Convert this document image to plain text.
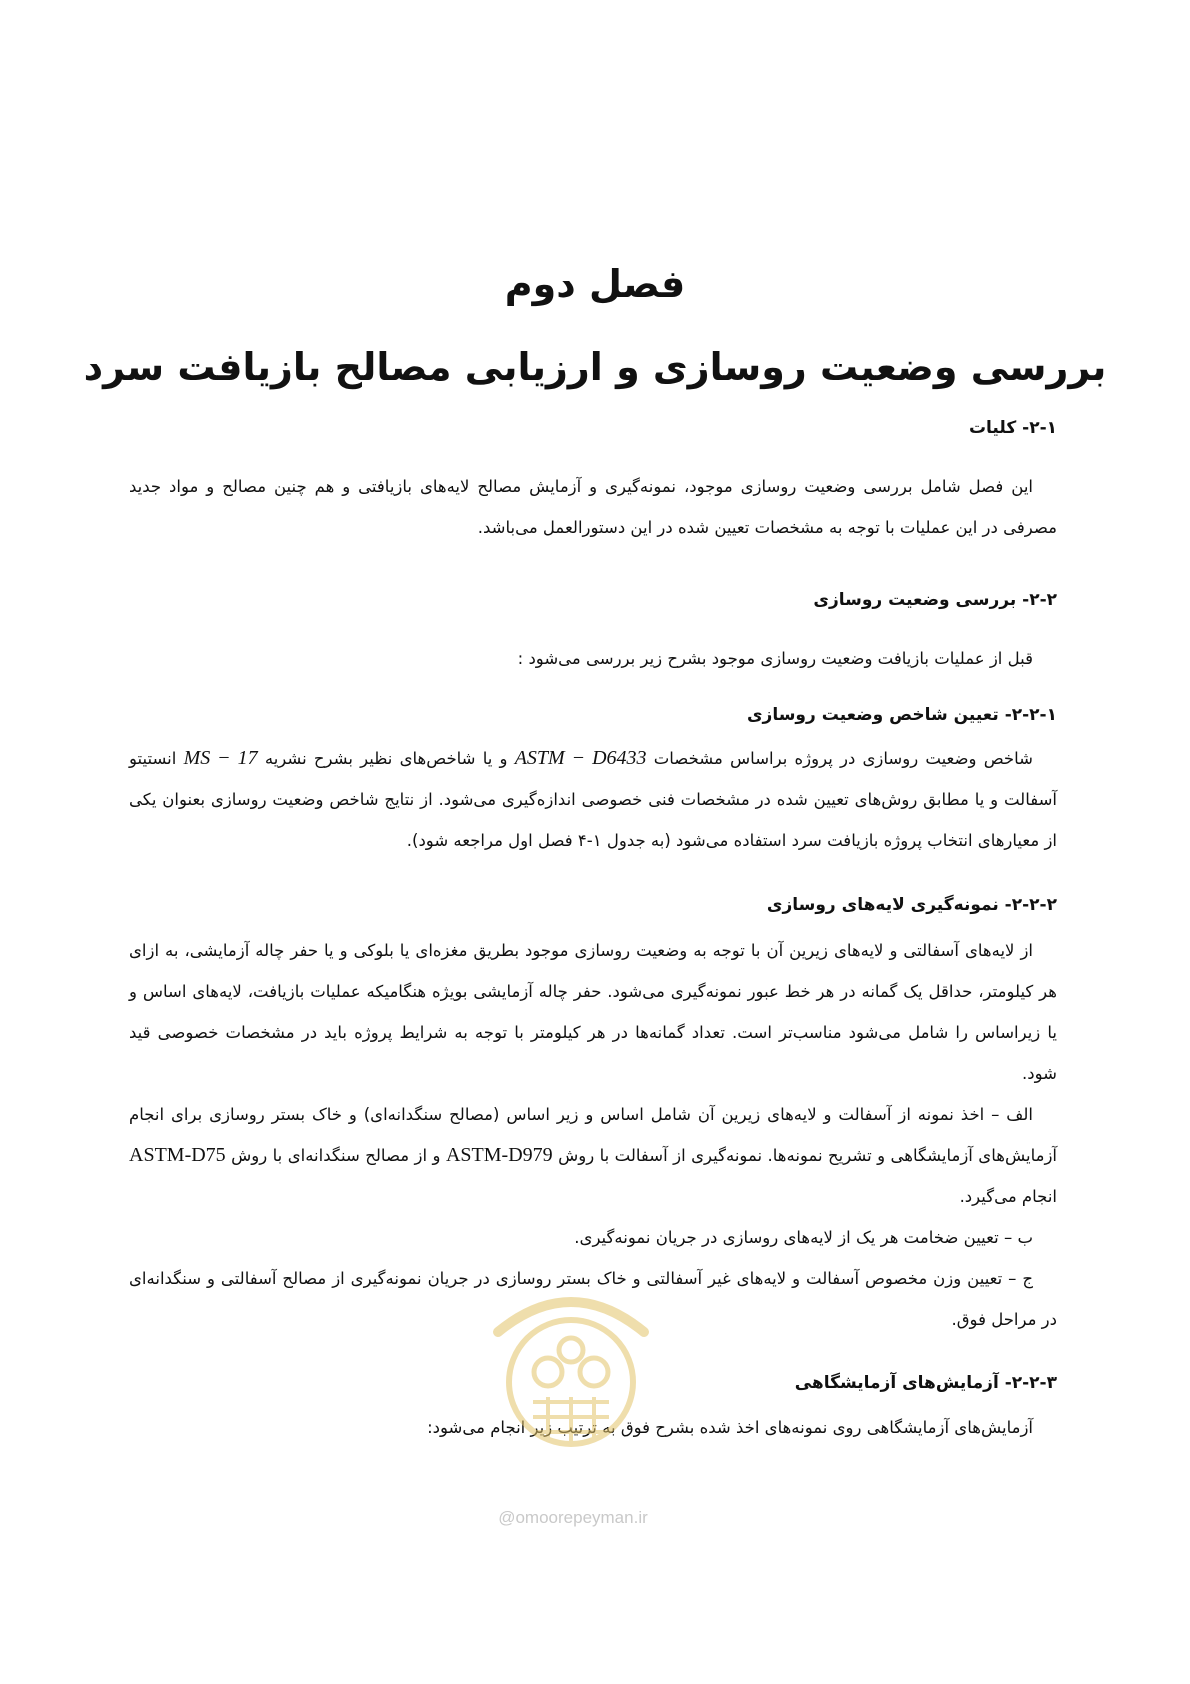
فصل دوم
بررسی وضعیت روسازی و ارزیابی مصالح بازیافت سرد
۲-۱- کلیات

این فصل شامل بررسی وضعیت روسازی موجود، نمونه‌گیری و آزمایش مصالح لایه‌های بازیافتی و هم چنین مصالح و مواد جدید مصرفی در این عملیات با توجه به مشخصات تعیین شده در این دستورالعمل می‌باشد.

۲-۲- بررسی وضعیت روسازی

قبل از عملیات بازیافت وضعیت روسازی موجود بشرح زیر بررسی می‌شود :

۲-۲-۱- تعیین شاخص وضعیت روسازی

شاخص وضعیت روسازی در پروژه براساس مشخصات ASTM − D6433 و یا شاخص‌های نظیر بشرح نشریه MS − 17 انستیتو آسفالت و یا مطابق روش‌های تعیین شده در مشخصات فنی خصوصی اندازه‌گیری می‌شود. از نتایج شاخص وضعیت روسازی بعنوان یکی از معیارهای انتخاب پروژه بازیافت سرد استفاده می‌شود (به جدول ۱-۴ فصل اول مراجعه شود).

۲-۲-۲- نمونه‌گیری لایه‌های روسازی

از لایه‌های آسفالتی و لایه‌های زیرین آن با توجه به وضعیت روسازی موجود بطریق مغزه‌ای یا بلوکی و یا حفر چاله آزمایشی، به ازای هر کیلومتر، حداقل یک گمانه در هر خط عبور نمونه‌گیری می‌شود. حفر چاله آزمایشی بویژه هنگامیکه عملیات بازیافت، لایه‌های اساس و یا زیراساس را شامل می‌شود مناسب‌تر است. تعداد گمانه‌ها در هر کیلومتر با توجه به شرایط پروژه باید در مشخصات خصوصی قید شود.

الف – اخذ نمونه از آسفالت و لایه‌های زیرین آن شامل اساس و زیر اساس (مصالح سنگدانه‌ای) و خاک بستر روسازی برای انجام آزمایش‌های آزمایشگاهی و تشریح نمونه‌ها. نمونه‌گیری از آسفالت با روش ASTM-D979 و از مصالح سنگدانه‌ای با روش ASTM-D75 انجام می‌گیرد.

ب – تعیین ضخامت هر یک از لایه‌های روسازی در جریان نمونه‌گیری.

ج – تعیین وزن مخصوص آسفالت و لایه‌های غیر آسفالتی و خاک بستر روسازی در جریان نمونه‌گیری از مصالح آسفالتی و سنگدانه‌ای در مراحل فوق.

۲-۲-۳- آزمایش‌های آزمایشگاهی

آزمایش‌های آزمایشگاهی روی نمونه‌های اخذ شده بشرح فوق به ترتیب زیر انجام می‌شود:

@omoorepeyman.ir
